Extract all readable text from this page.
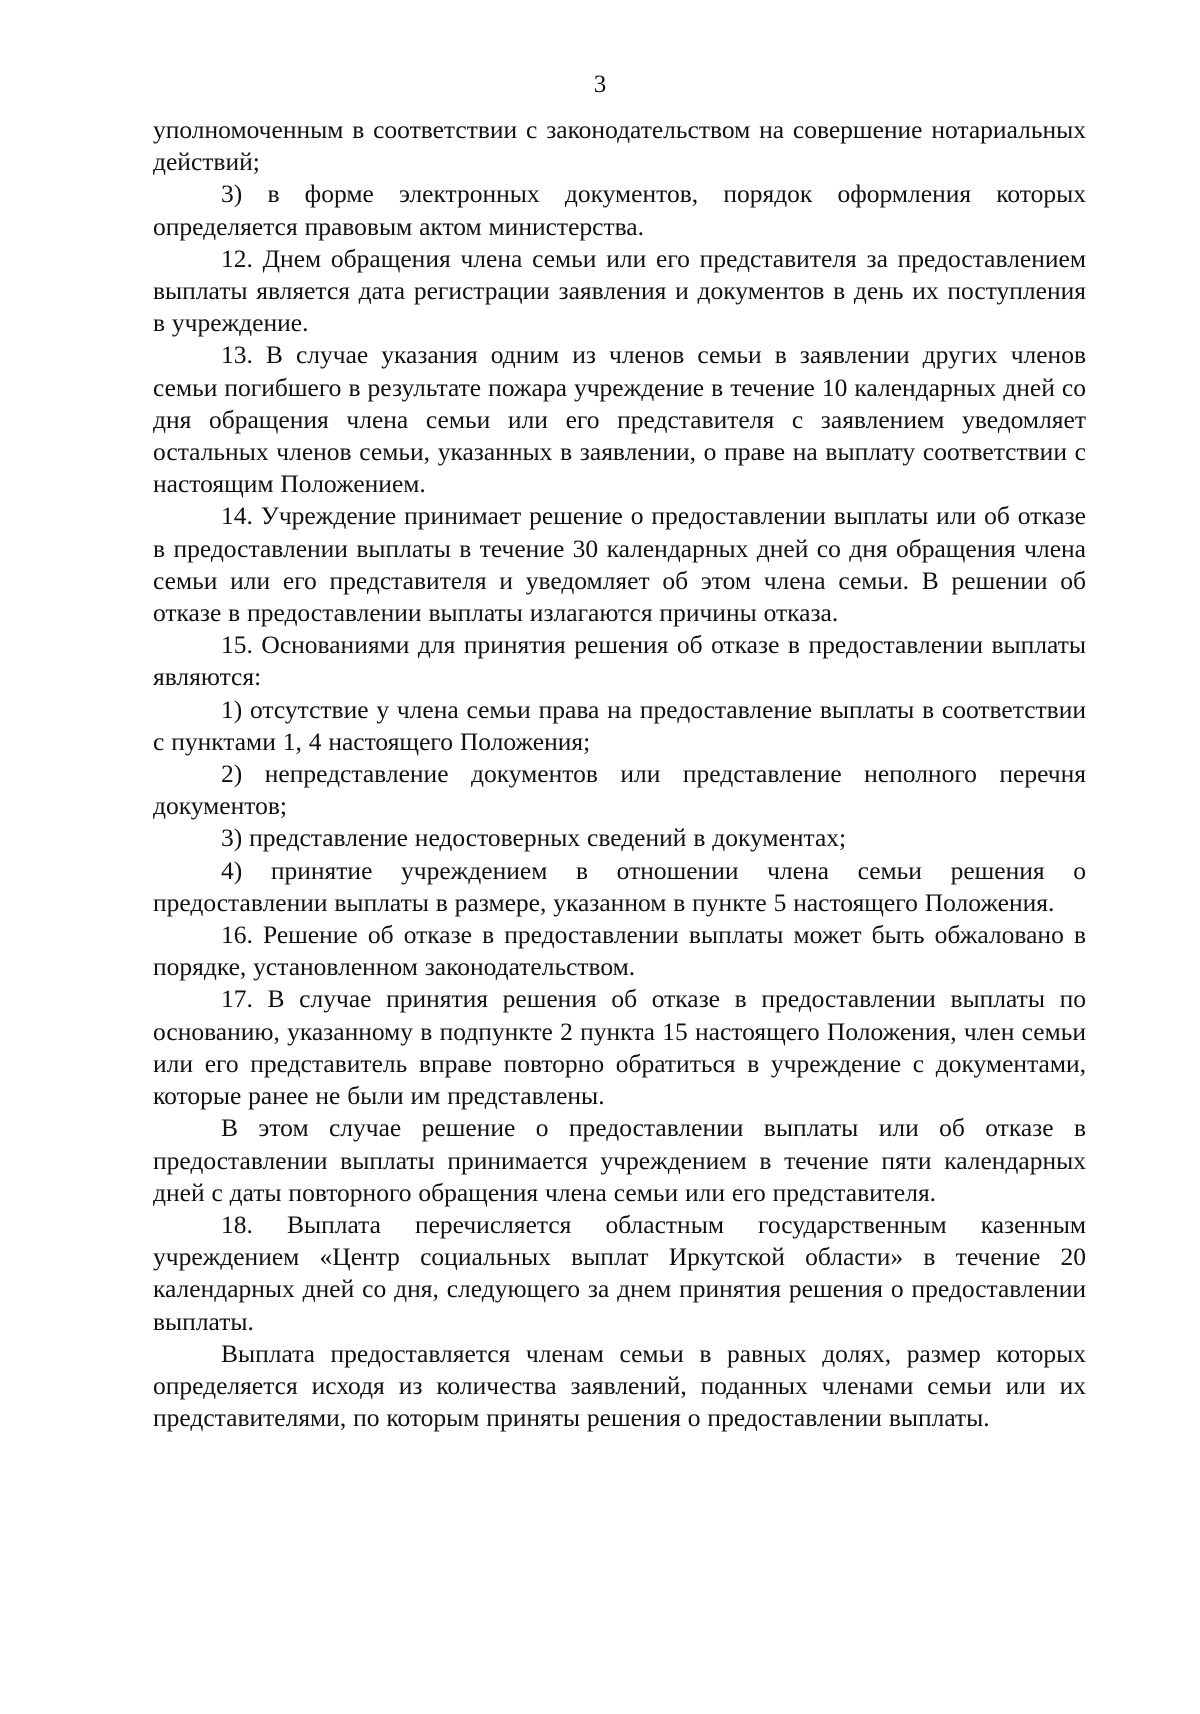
3

уполномоченным в соответствии с законодательством на совершение нотариальных действий;

3) в форме электронных документов, порядок оформления которых определяется правовым актом министерства.

12. Днем обращения члена семьи или его представителя за предоставлением выплаты является дата регистрации заявления и документов в день их поступления в учреждение.

13. В случае указания одним из членов семьи в заявлении других членов семьи погибшего в результате пожара учреждение в течение 10 календарных дней со дня обращения члена семьи или его представителя с заявлением уведомляет остальных членов семьи, указанных в заявлении, о праве на выплату соответствии с настоящим Положением.

14. Учреждение принимает решение о предоставлении выплаты или об отказе в предоставлении выплаты в течение 30 календарных дней со дня обращения члена семьи или его представителя и уведомляет об этом члена семьи. В решении об отказе в предоставлении выплаты излагаются причины отказа.

15. Основаниями для принятия решения об отказе в предоставлении выплаты являются:

1) отсутствие у члена семьи права на предоставление выплаты в соответствии с пунктами 1, 4 настоящего Положения;

2) непредставление документов или представление неполного перечня документов;

3) представление недостоверных сведений в документах;

4) принятие учреждением в отношении члена семьи решения о предоставлении выплаты в размере, указанном в пункте 5 настоящего Положения.

16. Решение об отказе в предоставлении выплаты может быть обжаловано в порядке, установленном законодательством.

17. В случае принятия решения об отказе в предоставлении выплаты по основанию, указанному в подпункте 2 пункта 15 настоящего Положения, член семьи или его представитель вправе повторно обратиться в учреждение с документами, которые ранее не были им представлены.

В этом случае решение о предоставлении выплаты или об отказе в предоставлении выплаты принимается учреждением в течение пяти календарных дней с даты повторного обращения члена семьи или его представителя.

18. Выплата перечисляется областным государственным казенным учреждением «Центр социальных выплат Иркутской области» в течение 20 календарных дней со дня, следующего за днем принятия решения о предоставлении выплаты.

Выплата предоставляется членам семьи в равных долях, размер которых определяется исходя из количества заявлений, поданных членами семьи или их представителями, по которым приняты решения о предоставлении выплаты.
